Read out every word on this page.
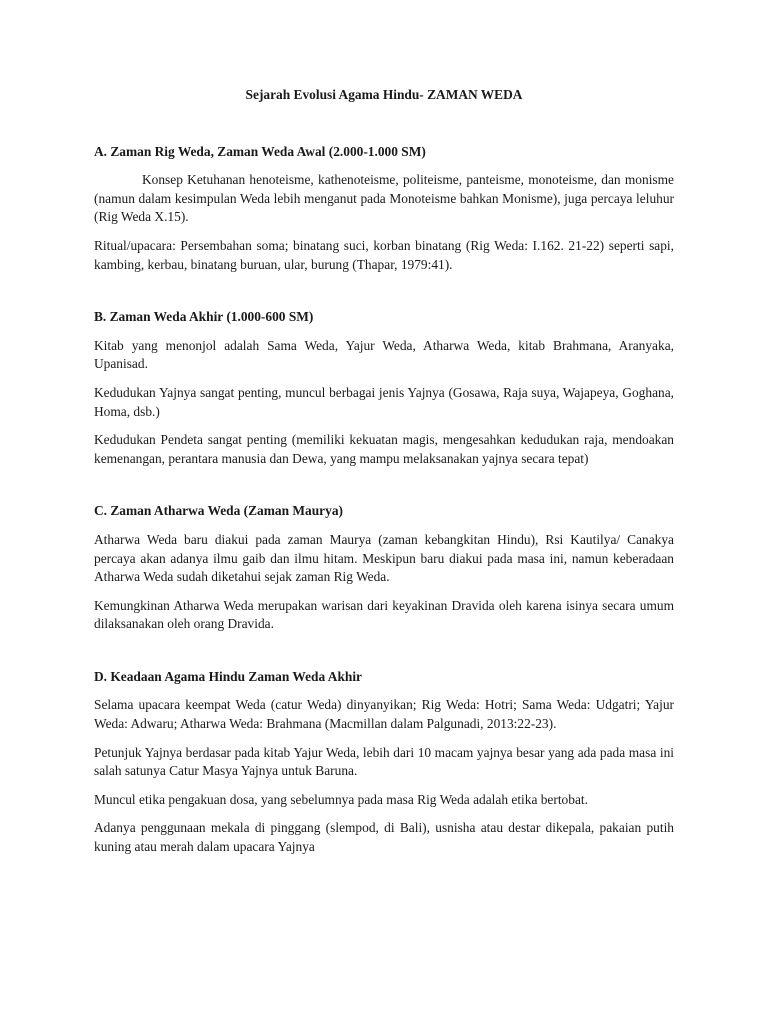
Sejarah Evolusi Agama Hindu- ZAMAN WEDA
A. Zaman Rig Weda, Zaman Weda Awal (2.000-1.000 SM)

Konsep Ketuhanan henoteisme, kathenoteisme, politeisme, panteisme, monoteisme, dan monisme (namun dalam kesimpulan Weda lebih menganut pada Monoteisme bahkan Monisme), juga percaya leluhur (Rig Weda X.15).

Ritual/upacara: Persembahan soma; binatang suci, korban binatang (Rig Weda: I.162. 21-22) seperti sapi, kambing, kerbau, binatang buruan, ular, burung (Thapar, 1979:41).

B. Zaman Weda Akhir (1.000-600 SM)

Kitab yang menonjol adalah Sama Weda, Yajur Weda, Atharwa Weda, kitab Brahmana, Aranyaka, Upanisad.

Kedudukan Yajnya sangat penting, muncul berbagai jenis Yajnya (Gosawa, Raja suya, Wajapeya, Goghana, Homa, dsb.)

Kedudukan Pendeta sangat penting (memiliki kekuatan magis, mengesahkan kedudukan raja, mendoakan kemenangan, perantara manusia dan Dewa, yang mampu melaksanakan yajnya secara tepat)

C. Zaman Atharwa Weda (Zaman Maurya)

Atharwa Weda baru diakui pada zaman Maurya (zaman kebangkitan Hindu), Rsi Kautilya/ Canakya percaya akan adanya ilmu gaib dan ilmu hitam. Meskipun baru diakui pada masa ini, namun keberadaan Atharwa Weda sudah diketahui sejak zaman Rig Weda.

Kemungkinan Atharwa Weda merupakan warisan dari keyakinan Dravida oleh karena isinya secara umum dilaksanakan oleh orang Dravida.

D. Keadaan Agama Hindu Zaman Weda Akhir

Selama upacara keempat Weda (catur Weda) dinyanyikan; Rig Weda: Hotri; Sama Weda: Udgatri; Yajur Weda: Adwaru; Atharwa Weda: Brahmana (Macmillan dalam Palgunadi, 2013:22-23).

Petunjuk Yajnya berdasar pada kitab Yajur Weda, lebih dari 10 macam yajnya besar yang ada pada masa ini salah satunya Catur Masya Yajnya untuk Baruna.

Muncul etika pengakuan dosa, yang sebelumnya pada masa Rig Weda adalah etika bertobat.

Adanya penggunaan mekala di pinggang (slempod, di Bali), usnisha atau destar dikepala, pakaian putih kuning atau merah dalam upacara Yajnya
